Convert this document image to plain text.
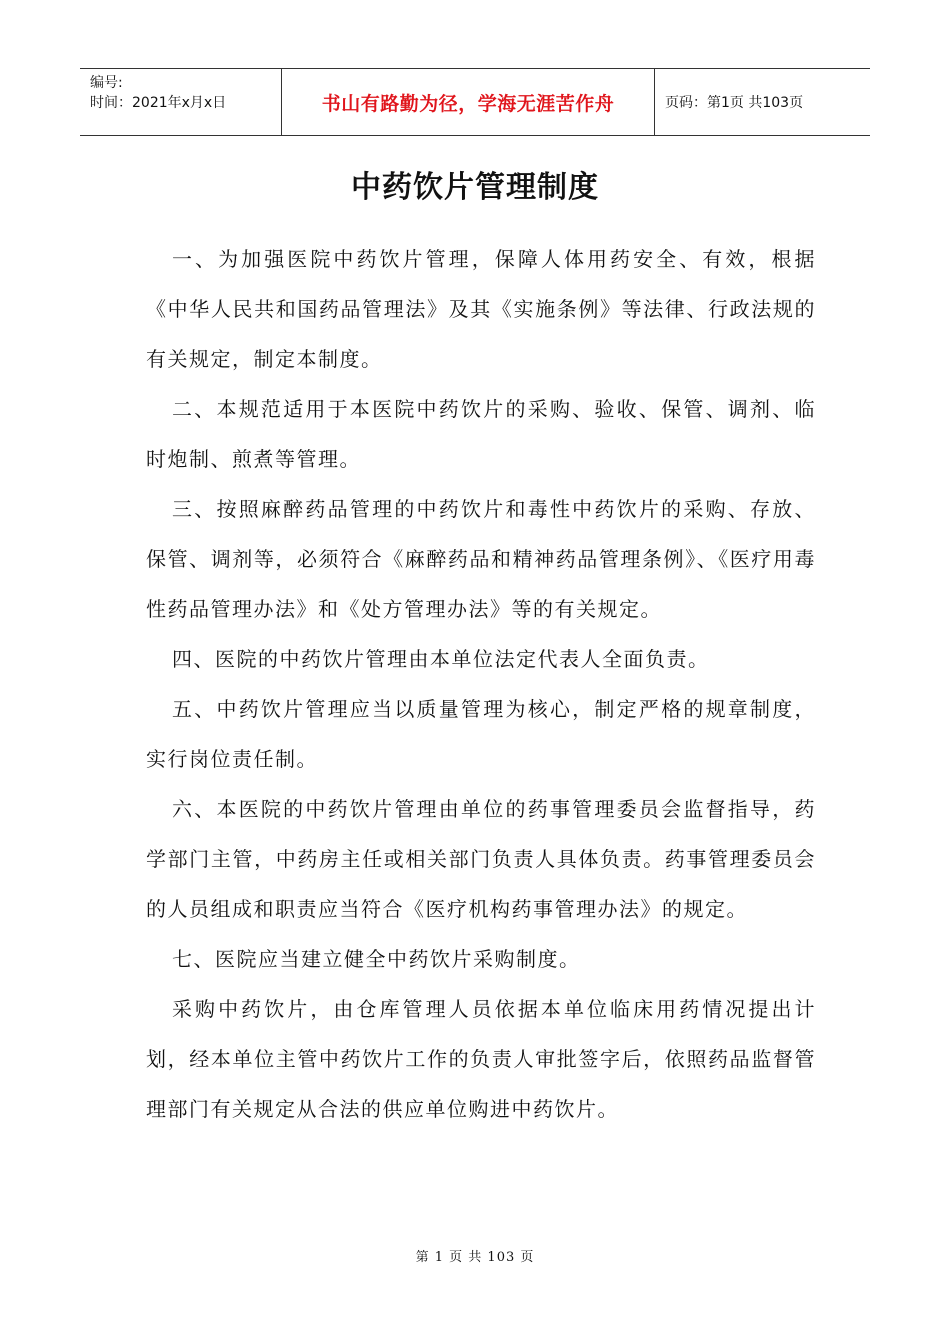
编号:
时间：2021年x月x日	书山有路勤为径，学海无涯苦作舟	页码：第1页 共103页
中药饮片管理制度

一、为加强医院中药饮片管理，保障人体用药安全、有效，根据《中华人民共和国药品管理法》及其《实施条例》等法律、行政法规的有关规定，制定本制度。

二、本规范适用于本医院中药饮片的采购、验收、保管、调剂、临时炮制、煎煮等管理。

三、按照麻醉药品管理的中药饮片和毒性中药饮片的采购、存放、保管、调剂等，必须符合《麻醉药品和精神药品管理条例》、《医疗用毒性药品管理办法》和《处方管理办法》等的有关规定。

四、医院的中药饮片管理由本单位法定代表人全面负责。

五、中药饮片管理应当以质量管理为核心，制定严格的规章制度，实行岗位责任制。

六、本医院的中药饮片管理由单位的药事管理委员会监督指导，药学部门主管，中药房主任或相关部门负责人具体负责。药事管理委员会的人员组成和职责应当符合《医疗机构药事管理办法》的规定。

七、医院应当建立健全中药饮片采购制度。

采购中药饮片，由仓库管理人员依据本单位临床用药情况提出计划，经本单位主管中药饮片工作的负责人审批签字后，依照药品监督管理部门有关规定从合法的供应单位购进中药饮片。

第 1 页 共 103 页
